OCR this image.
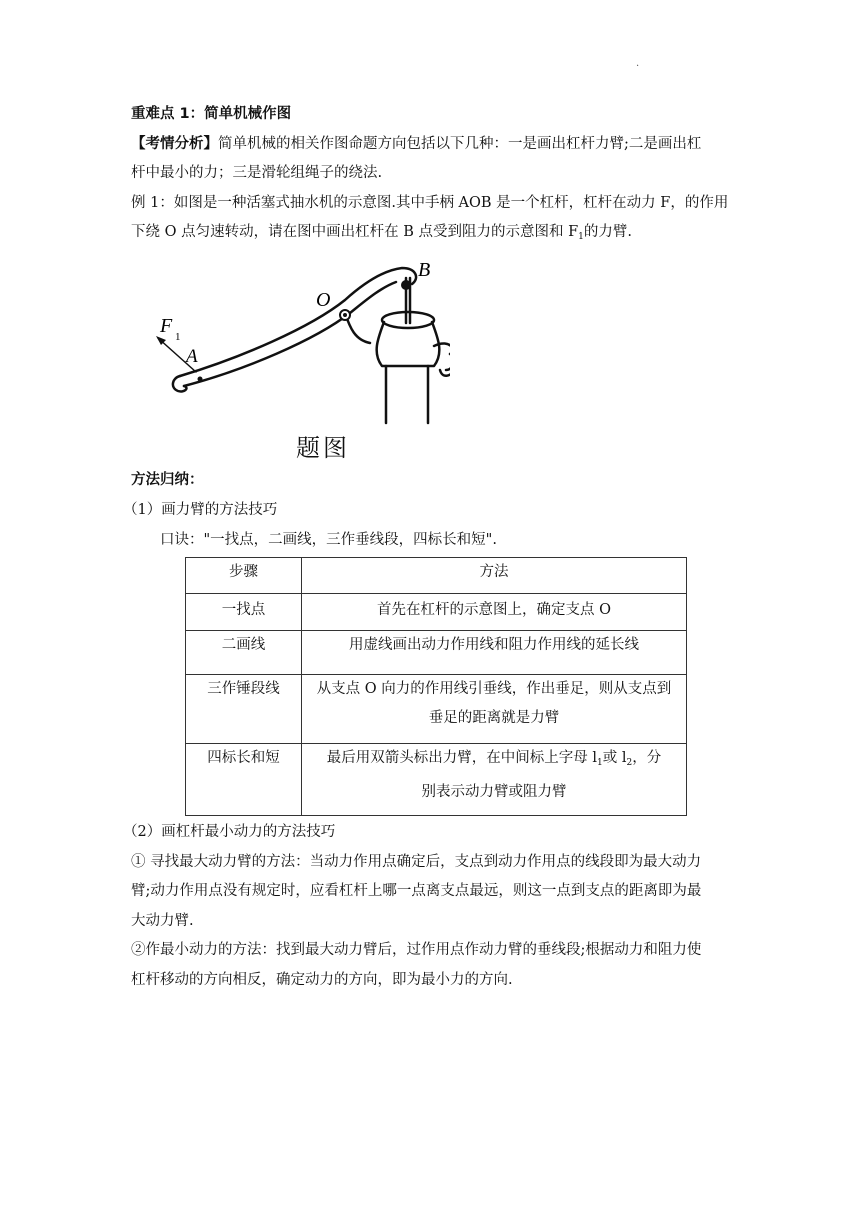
.
重难点 1：简单机械作图
【考情分析】简单机械的相关作图命题方向包括以下几种：一是画出杠杆力臂;二是画出杠
杆中最小的力；三是滑轮组绳子的绕法.
例 1：如图是一种活塞式抽水机的示意图.其中手柄 AOB 是一个杠杆，杠杆在动力 F，的作用
下绕 O 点匀速转动，请在图中画出杠杆在 B 点受到阻力的示意图和 $F_1$的力臂.
F 1
A
O
B
题图
方法归纳：
（1）画力臂的方法技巧
口诀："一找点，二画线，三作垂线段，四标长和短".
步骤	方法

一找点	首先在杠杆的示意图上，确定支点 O

二画线	用虚线画出动力作用线和阻力作用线的延长线

三作锤段线	从支点 O 向力的作用线引垂线，作出垂足，则从支点到
垂足的距离就是力臂

四标长和短	最后用双箭头标出力臂，在中间标上字母 $l_1$或 $l_2$，分
别表示动力臂或阻力臂
（2）画杠杆最小动力的方法技巧
① 寻找最大动力臂的方法：当动力作用点确定后，支点到动力作用点的线段即为最大动力
臂;动力作用点没有规定时，应看杠杆上哪一点离支点最远，则这一点到支点的距离即为最
大动力臂.
②作最小动力的方法：找到最大动力臂后，过作用点作动力臂的垂线段;根据动力和阻力使
杠杆移动的方向相反，确定动力的方向，即为最小力的方向.
